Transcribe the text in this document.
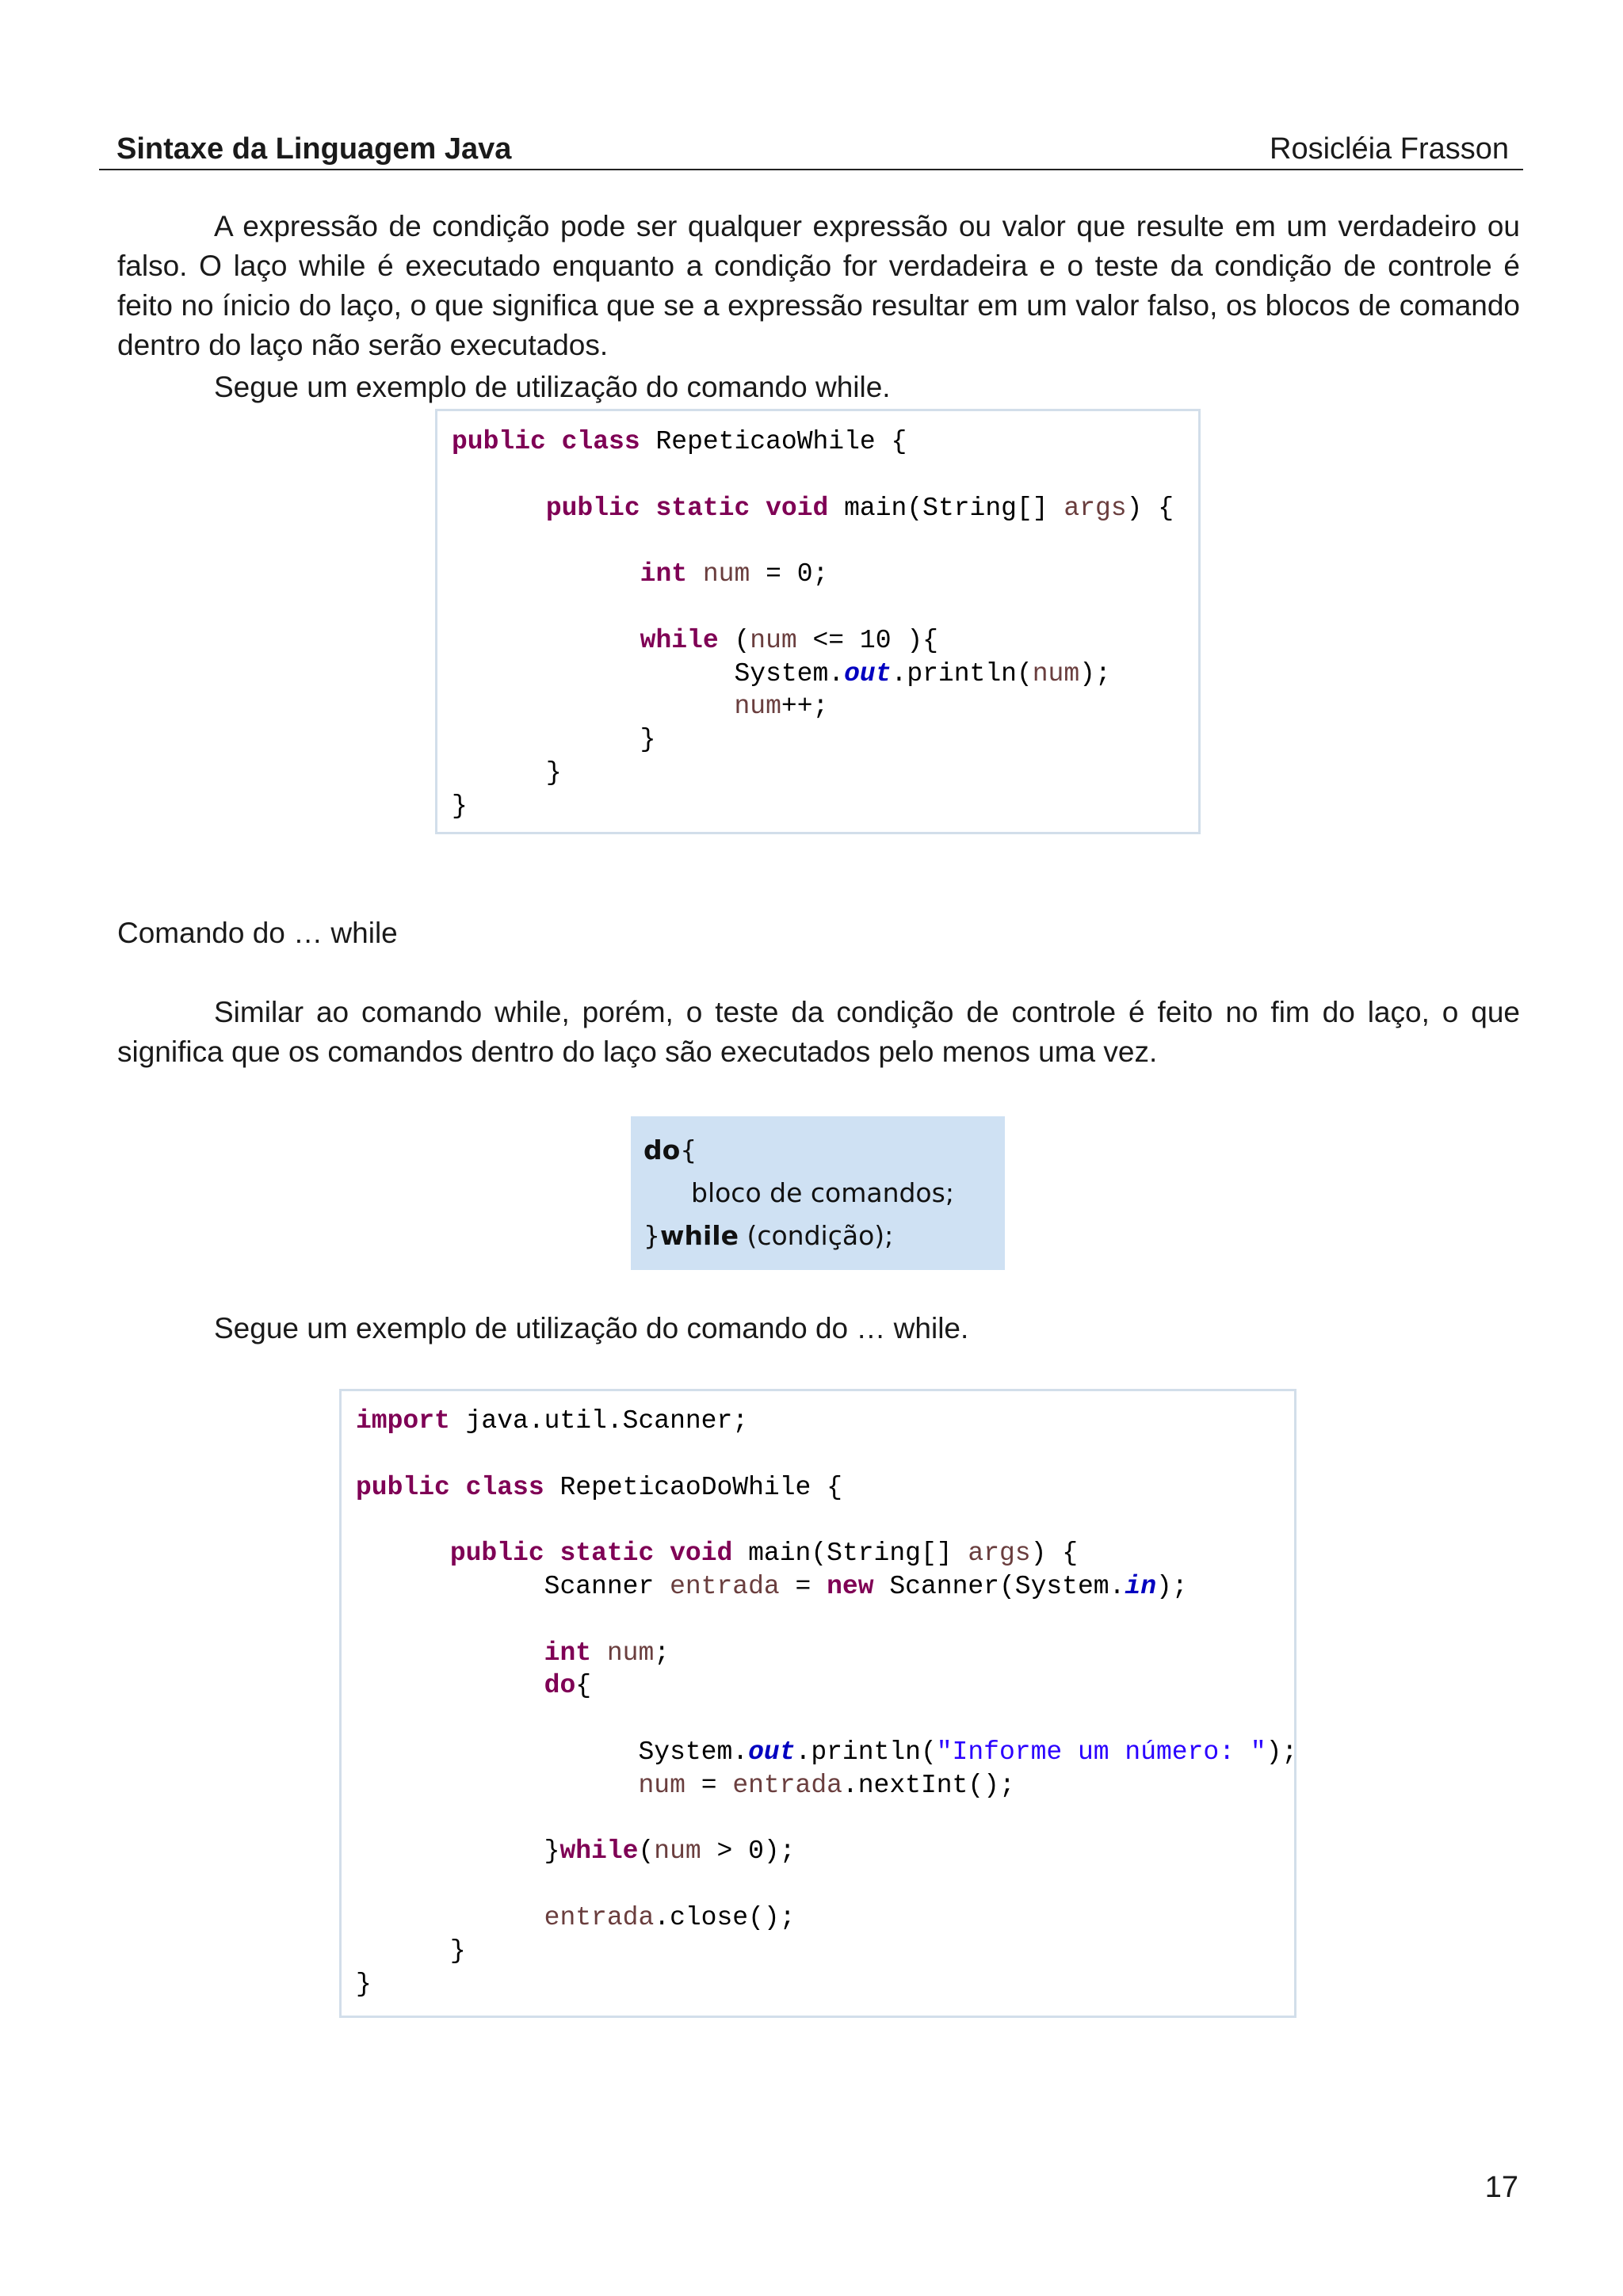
Sintaxe da Linguagem Java	Rosicléia Frasson

A expressão de condição pode ser qualquer expressão ou valor que resulte em um verdadeiro ou falso. O laço while é executado enquanto a condição for verdadeira e o teste da condição de controle é feito no ínicio do laço, o que significa que se a expressão resultar em um valor falso, os blocos de comando dentro do laço não serão executados.

Segue um exemplo de utilização do comando while.

public class RepeticaoWhile {

public static void main(String[] args) {

int num = 0;

while (num <= 10 ){
System.out.println(num);
num++;
}
}
}

Comando do … while

Similar ao comando while, porém, o teste da condição de controle é feito no fim do laço, o que significa que os comandos dentro do laço são executados pelo menos uma vez.

do{
bloco de comandos;
}while (condição);

Segue um exemplo de utilização do comando do … while.

import java.util.Scanner;

public class RepeticaoDoWhile {

public static void main(String[] args) {
Scanner entrada = new Scanner(System.in);

int num;
do{

System.out.println("Informe um número: ");
num = entrada.nextInt();

}while(num > 0);

entrada.close();
}
}
17
